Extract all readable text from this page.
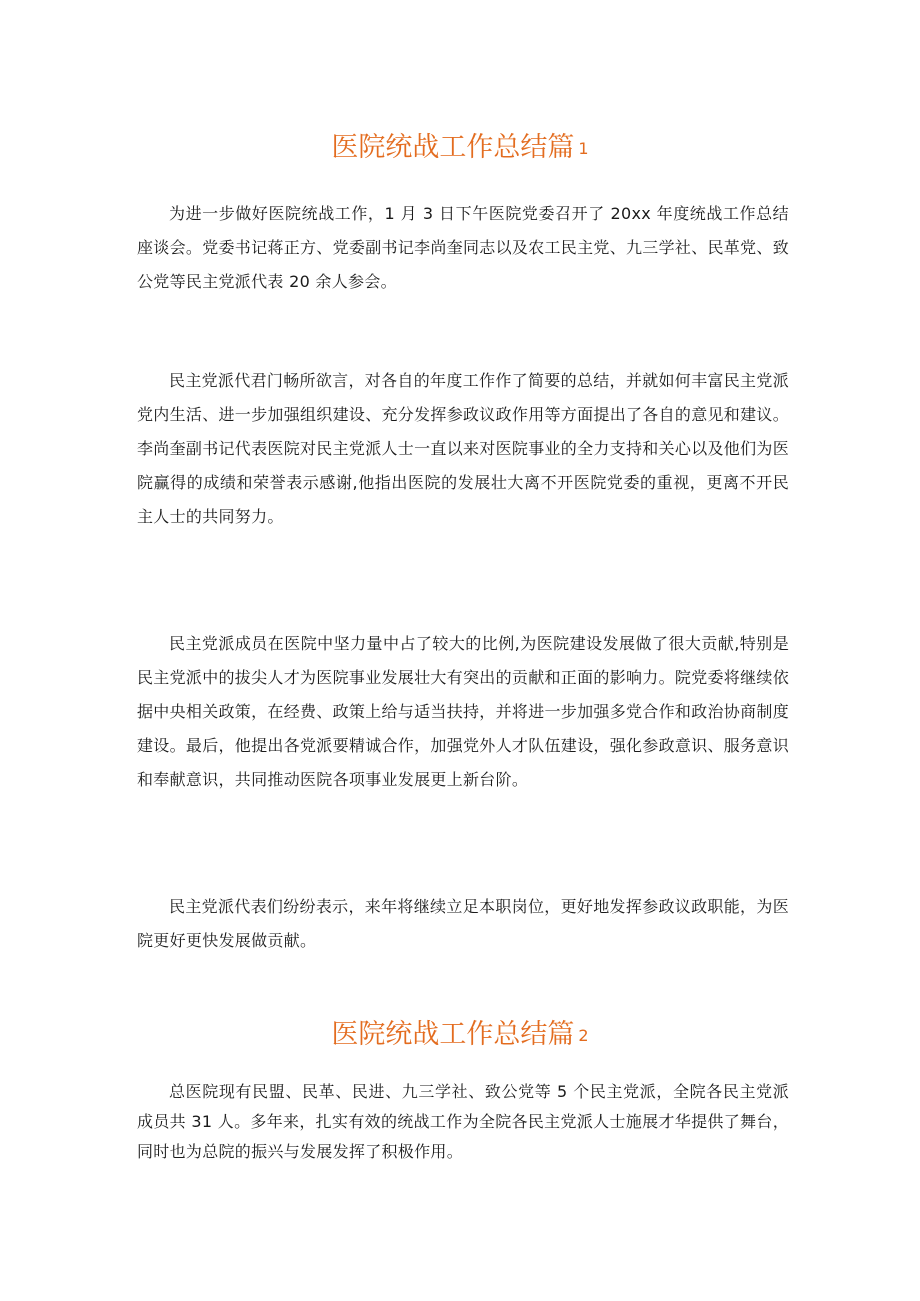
医院统战工作总结篇 1

为进一步做好医院统战工作，1 月 3 日下午医院党委召开了 20xx 年度统战工作总结座谈会。党委书记蒋正方、党委副书记李尚奎同志以及农工民主党、九三学社、民革党、致公党等民主党派代表 20 余人参会。

民主党派代君门畅所欲言，对各自的年度工作作了简要的总结，并就如何丰富民主党派党内生活、进一步加强组织建设、充分发挥参政议政作用等方面提出了各自的意见和建议。李尚奎副书记代表医院对民主党派人士一直以来对医院事业的全力支持和关心以及他们为医院赢得的成绩和荣誉表示感谢,他指出医院的发展壮大离不开医院党委的重视，更离不开民主人士的共同努力。

民主党派成员在医院中坚力量中占了较大的比例,为医院建设发展做了很大贡献,特别是民主党派中的拔尖人才为医院事业发展壮大有突出的贡献和正面的影响力。院党委将继续依据中央相关政策，在经费、政策上给与适当扶持，并将进一步加强多党合作和政治协商制度建设。最后，他提出各党派要精诚合作，加强党外人才队伍建设，强化参政意识、服务意识和奉献意识，共同推动医院各项事业发展更上新台阶。

民主党派代表们纷纷表示，来年将继续立足本职岗位，更好地发挥参政议政职能，为医院更好更快发展做贡献。

医院统战工作总结篇 2

总医院现有民盟、民革、民进、九三学社、致公党等 5 个民主党派，全院各民主党派成员共 31 人。多年来，扎实有效的统战工作为全院各民主党派人士施展才华提供了舞台，同时也为总院的振兴与发展发挥了积极作用。
